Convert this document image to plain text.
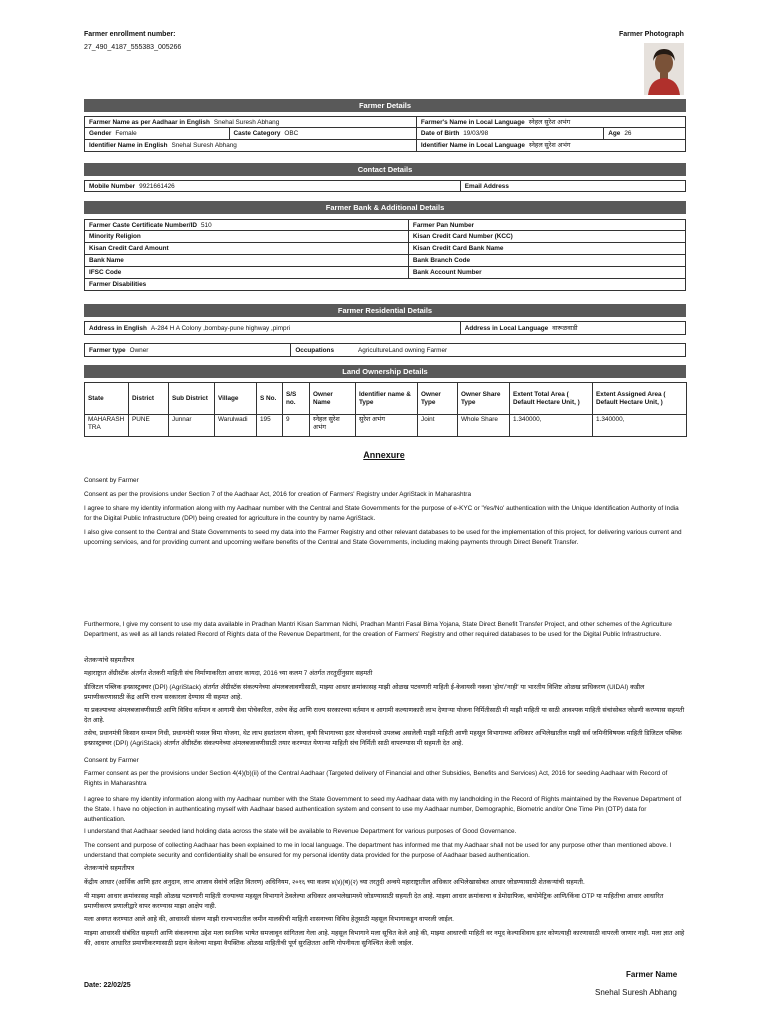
Farmer enrollment number:
27_490_4187_555383_005266
Farmer Photograph
Farmer Details
Farmer Name as per Aadhaar in English Snehal Suresh Abhang	Farmer's Name in Local Language स्नेहल सुरेश अभंग
Gender Female	Caste Category OBC	Date of Birth 19/03/98	Age 26
Identifier Name in English Snehal Suresh Abhang	Identifier Name in Local Language स्नेहल सुरेश अभंग
Contact Details
Mobile Number 9921661426	Email Address
Farmer Bank & Additional Details
Farmer Caste Certificate Number/ID 510	Farmer Pan Number
Minority Religion	Kisan Credit Card Number (KCC)
Kisan Credit Card Amount	Kisan Credit Card Bank Name
Bank Name	Bank Branch Code
IFSC Code	Bank Account Number
Farmer Disabilities
Farmer Residential Details
Address in English A-284 H A Colony ,bombay-pune highway ,pimpri	Address in Local Language वारूळवाडी
Farmer type Owner	Occupations	AgricultureLand owning Farmer
Land Ownership Details
State	District	Sub District	Village	S No.	S/S no.	Owner Name	Identifier name & Type	Owner Type	Owner Share Type	Extent Total Area ( Default Hectare Unit, )	Extent Assigned Area ( Default Hectare Unit, )
MAHARASHTRA	PUNE	Junnar	Warulwadi	195	9	स्नेहल सुरेश अभंग	सुरेश अभंग	Joint	Whole Share	1.340000,	1.340000,
Annexure
Consent by Farmer
Consent as per the provisions under Section 7 of the Aadhaar Act, 2016 for creation of Farmers' Registry under AgriStack in Maharashtra
I agree to share my identity information along with my Aadhaar number with the Central and State Governments for the purpose of e-KYC or 'Yes/No' authentication with the Unique Identification Authority of India for the Digital Public Infrastructure (DPI) being created for agriculture in the country by name AgriStack.
I also give consent to the Central and State Governments to seed my data into the Farmer Registry and other relevant databases to be used for the implementation of this project, for delivering various current and upcoming services, and for providing current and upcoming welfare benefits of the Central and State Governments, including making payments through Direct Benefit Transfer.
Furthermore, I give my consent to use my data available in Pradhan Mantri Kisan Samman Nidhi, Pradhan Mantri Fasal Bima Yojana, State Direct Benefit Transfer Project, and other schemes of the Agriculture Department, as well as all lands related Record of Rights data of the Revenue Department, for the creation of Farmers' Registry and other required databases to be used for the Digital Public Infrastructure.
शेतकऱ्यांचे सहमतीपत्र
महाराष्ट्रात ॲग्रीस्टॅक अंतर्गत शेतकरी माहिती संच निर्माणाकरिता आधार कायदा, 2016 च्या कलम 7 अंतर्गत तरतुदींनुसार सहमती
डीजिटल पब्लिक इन्फ्रास्ट्रक्चर (DPI) (AgriStack) अंतर्गत ॲग्रीस्टॅक संकल्पनेच्या अंमलबजावणीसाठी, माझ्या आधार क्रमांकासह माझी ओळख पटवणारी माहिती ई-केवायसी नकवा 'होय'/'नाही' या भारतीय विशिष्ट ओळख प्राधिकरण (UIDAI) कडील प्रमाणीकरणासाठी केंद्र आणि राज्य सरकारला देण्यास मी सहमत आहे.
या प्रकल्पाच्या अंमलबजावणीसाठी आणि विविध वर्तमान व आगामी सेवा पोचेकरिता, तसेच केंद्र आणि राज्य सरकारच्या वर्तमान व आगामी कल्याणकारी लाभ देणाऱ्या योजना निर्मितीसाठी मी माझी माहिती या साठी आवश्यक माहिती संचांसोबत जोडणी करण्यास सहमती देत आहे.
तसेच, प्रधानमंत्री किसान सन्मान निधी, प्रधानमंत्री फसल विमा योजना, थेट लाभ हस्तांतरण योजना, कृषी विभागाच्या इतर योजनांमध्ये उपलब्ध असलेली माझी माहिती आणी महसूल विभागाच्या अधिकार अभिलेखातील माझी सर्व जमिनीविषयक माहिती डिजिटल पब्लिक इन्फ्रास्ट्रक्चर (DPI) (AgriStack) अंतर्गत ॲग्रीस्टॅक संकल्पनेच्या अंमलबजावणीसाठी तयार करण्यात येणाऱ्या माहिती संच निर्मिती साठी वापरण्यास मी सहमती देत आहे.
Consent by Farmer
Farmer consent as per the provisions under Section 4(4)(b)(ii) of the Central Aadhaar (Targeted delivery of Financial and other Subsidies, Benefits and Services) Act, 2016 for seeding Aadhaar with Record of Rights in Maharashtra
I agree to share my identity information along with my Aadhaar number with the State Government to seed my Aadhaar data with my landholding in the Record of Rights maintained by the Revenue Department of the State. I have no objection in authenticating myself with Aadhaar based authentication system and consent to use my Aadhaar number, Demographic, Biometric and/or One Time Pin (OTP) data for authentication.
I understand that Aadhaar seeded land holding data across the state will be available to Revenue Department for various purposes of Good Governance.
The consent and purpose of collecting Aadhaar has been explained to me in local language. The department has informed me that my Aadhaar shall not be used for any purpose other than mentioned above. I understand that complete security and confidentiality shall be ensured for my personal identity data provided for the purpose of Aadhaar based authentication.
शेतकऱ्यांचे सहमतीपत्र
केंद्रीय आधार (आर्थिक आणि इतर अनुदान, लाभ आजाव सेवांचे लक्षित वितरण) अधिनियम, २०१६ च्या कलम ४(४)(ब)(२) च्या तरतुदी अन्वये महाराष्ट्रातील अधिकार अभिलेखासोबत आधार जोडण्यासाठी शेतकऱ्यांची सहमती.
मी माझ्या आधार क्रमांकासह माझी ओळख पटवणारी माहिती राज्याच्या महसूल विभागाने ठेवलेल्या अधिकार अवभलेखामध्ये जोडण्यासाठी सहमती देत आहे. माझ्या आधार क्रमांकाचा व डेमोग्राफिक, बायोमेट्रिक आणि/किंवा OTP या माहितीचा आधार आधारित प्रमाणीकरण प्रणालीद्वारे वापर करण्यास माझा आक्षेप नाही.
मला अवगत करण्यात आले आहे की, आधारशी संलग्न माझी राज्यभरातील जमीन मालकीची माहिती शासनाच्या विविध हेतूसाठी महसूल विभागाकडून वापरली जाईल.
माझ्या आधारशी संबंधित सहमती आणि संकलनाचा उद्देश मला स्थानिक भाषेत समजावून सांगितला गेला आहे. महसूल विभागाने मला सूचित केले आहे की, माझ्या आधारची माहिती वर नमूद केल्याशिवाय इतर कोणत्याही कारणासाठी वापरली जाणार नाही. मला ज्ञात आहे की, आधार आधारित प्रमाणीकरणासाठी प्रदान केलेल्या माझ्या वैयक्तिक ओळख माहितीची पूर्ण सुरक्षितता आणि गोपनीयता सुनिश्चित केली जाईल.
Farmer Name
Snehal Suresh Abhang
Date: 22/02/25
